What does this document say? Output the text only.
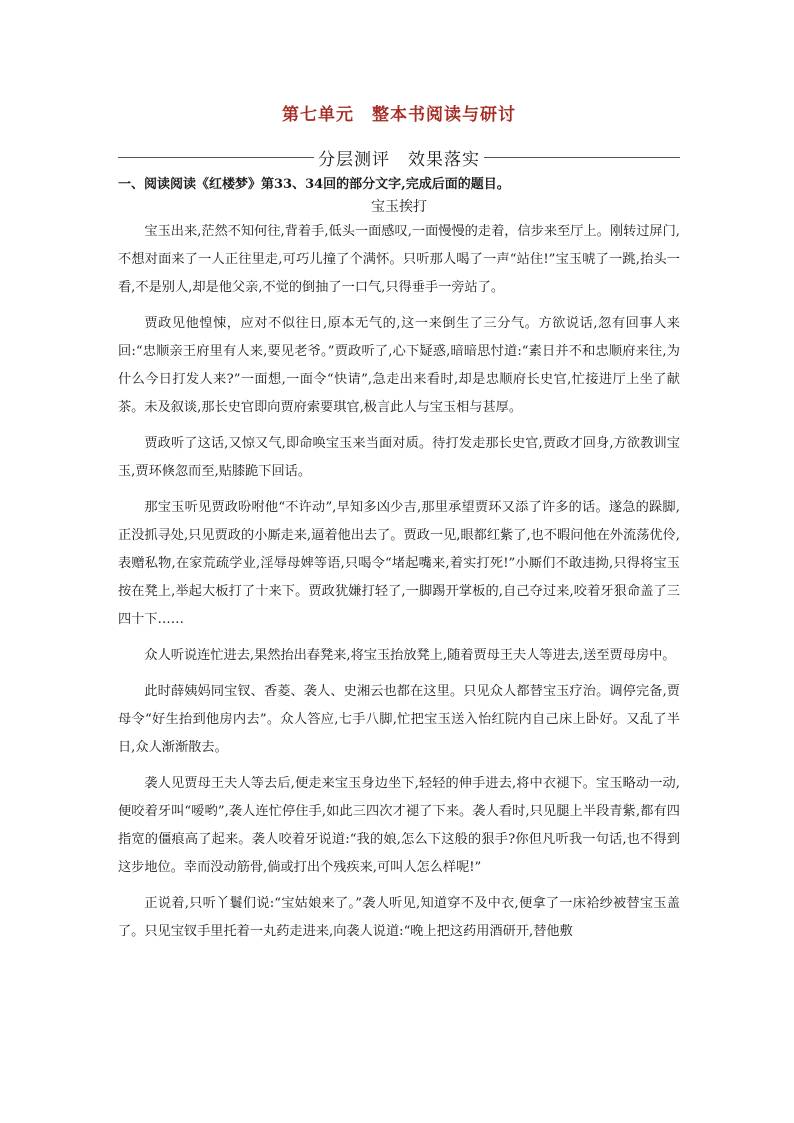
第七单元　整本书阅读与研讨
分层测评　效果落实
一、阅读阅读《红楼梦》第33、34回的部分文字,完成后面的题目。
宝玉挨打

宝玉出来,茫然不知何往,背着手,低头一面感叹,一面慢慢的走着，信步来至厅上。刚转过屏门,不想对面来了一人正往里走,可巧儿撞了个满怀。只听那人喝了一声“站住!”宝玉唬了一跳,抬头一看,不是别人,却是他父亲,不觉的倒抽了一口气,只得垂手一旁站了。

贾政见他惶悚，应对不似往日,原本无气的,这一来倒生了三分气。方欲说话,忽有回事人来回:“忠顺亲王府里有人来,要见老爷。”贾政听了,心下疑惑,暗暗思忖道:“素日并不和忠顺府来往,为什么今日打发人来?”一面想,一面令“快请”,急走出来看时,却是忠顺府长史官,忙接进厅上坐了献茶。未及叙谈,那长史官即向贾府索要琪官,极言此人与宝玉相与甚厚。

贾政听了这话,又惊又气,即命唤宝玉来当面对质。待打发走那长史官,贾政才回身,方欲教训宝玉,贾环倏忽而至,贴膝跪下回话。

那宝玉听见贾政吩咐他“不许动”,早知多凶少吉,那里承望贾环又添了许多的话。遂急的跺脚,正没抓寻处,只见贾政的小厮走来,逼着他出去了。贾政一见,眼都红紫了,也不暇问他在外流荡优伶,表赠私物,在家荒疏学业,淫辱母婢等语,只喝令“堵起嘴来,着实打死!”小厮们不敢违拗,只得将宝玉按在凳上,举起大板打了十来下。贾政犹嫌打轻了,一脚踢开掌板的,自己夺过来,咬着牙狠命盖了三四十下……

众人听说连忙进去,果然抬出春凳来,将宝玉抬放凳上,随着贾母王夫人等进去,送至贾母房中。

此时薛姨妈同宝钗、香菱、袭人、史湘云也都在这里。只见众人都替宝玉疗治。调停完备,贾母令“好生抬到他房内去”。众人答应,七手八脚,忙把宝玉送入怡红院内自己床上卧好。又乱了半日,众人渐渐散去。

袭人见贾母王夫人等去后,便走来宝玉身边坐下,轻轻的伸手进去,将中衣褪下。宝玉略动一动,便咬着牙叫“嗳哟”,袭人连忙停住手,如此三四次才褪了下来。袭人看时,只见腿上半段青紫,都有四指宽的僵痕高了起来。袭人咬着牙说道:“我的娘,怎么下这般的狠手?你但凡听我一句话,也不得到这步地位。幸而没动筋骨,倘或打出个残疾来,可叫人怎么样呢!”

正说着,只听丫鬟们说:“宝姑娘来了。”袭人听见,知道穿不及中衣,便拿了一床袷纱被替宝玉盖了。只见宝钗手里托着一丸药走进来,向袭人说道:“晚上把这药用酒研开,替他敷
